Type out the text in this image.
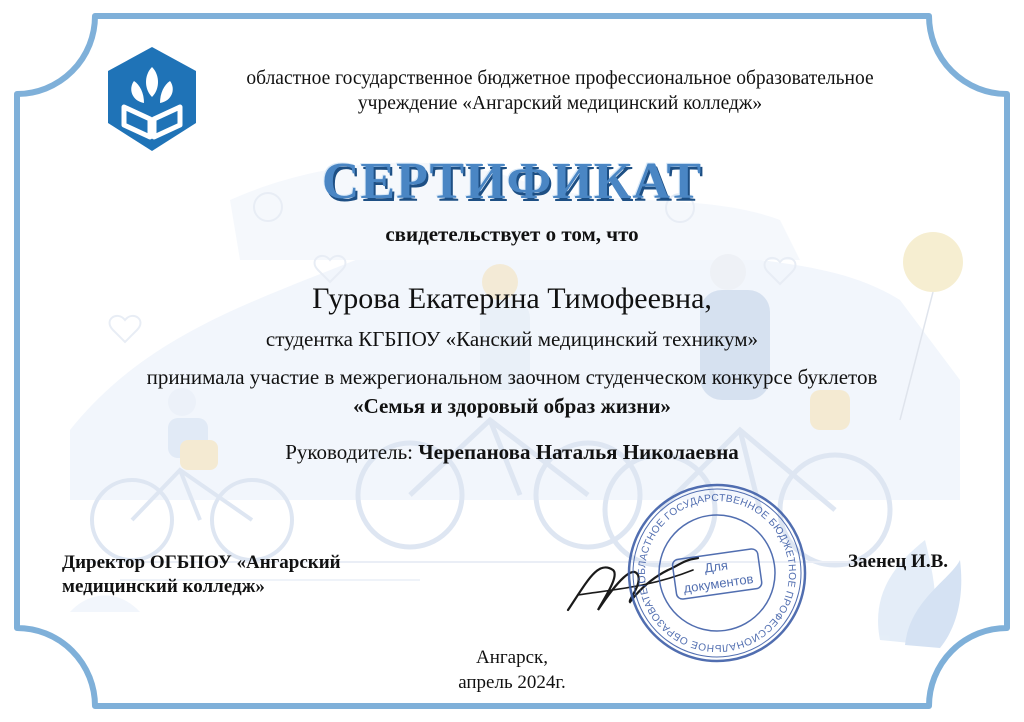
областное государственное бюджетное профессиональное образовательное
учреждение «Ангарский медицинский колледж»
СЕРТИФИКАТ
свидетельствует о том, что
Гурова Екатерина Тимофеевна,
студентка КГБПОУ «Канский медицинский техникум»
принимала участие в межрегиональном заочном студенческом конкурсе буклетов
«Семья и здоровый образ жизни»
Руководитель: Черепанова Наталья Николаевна
Директор ОГБПОУ «Ангарский
медицинский колледж»
Заенец И.В.
ОБЛАСТНОЕ ГОСУДАРСТВЕННОЕ БЮДЖЕТНОЕ ПРОФЕССИОНАЛЬНОЕ ОБРАЗОВАТЕЛЬНОЕ
Для
документов
Ангарск,
апрель 2024г.
